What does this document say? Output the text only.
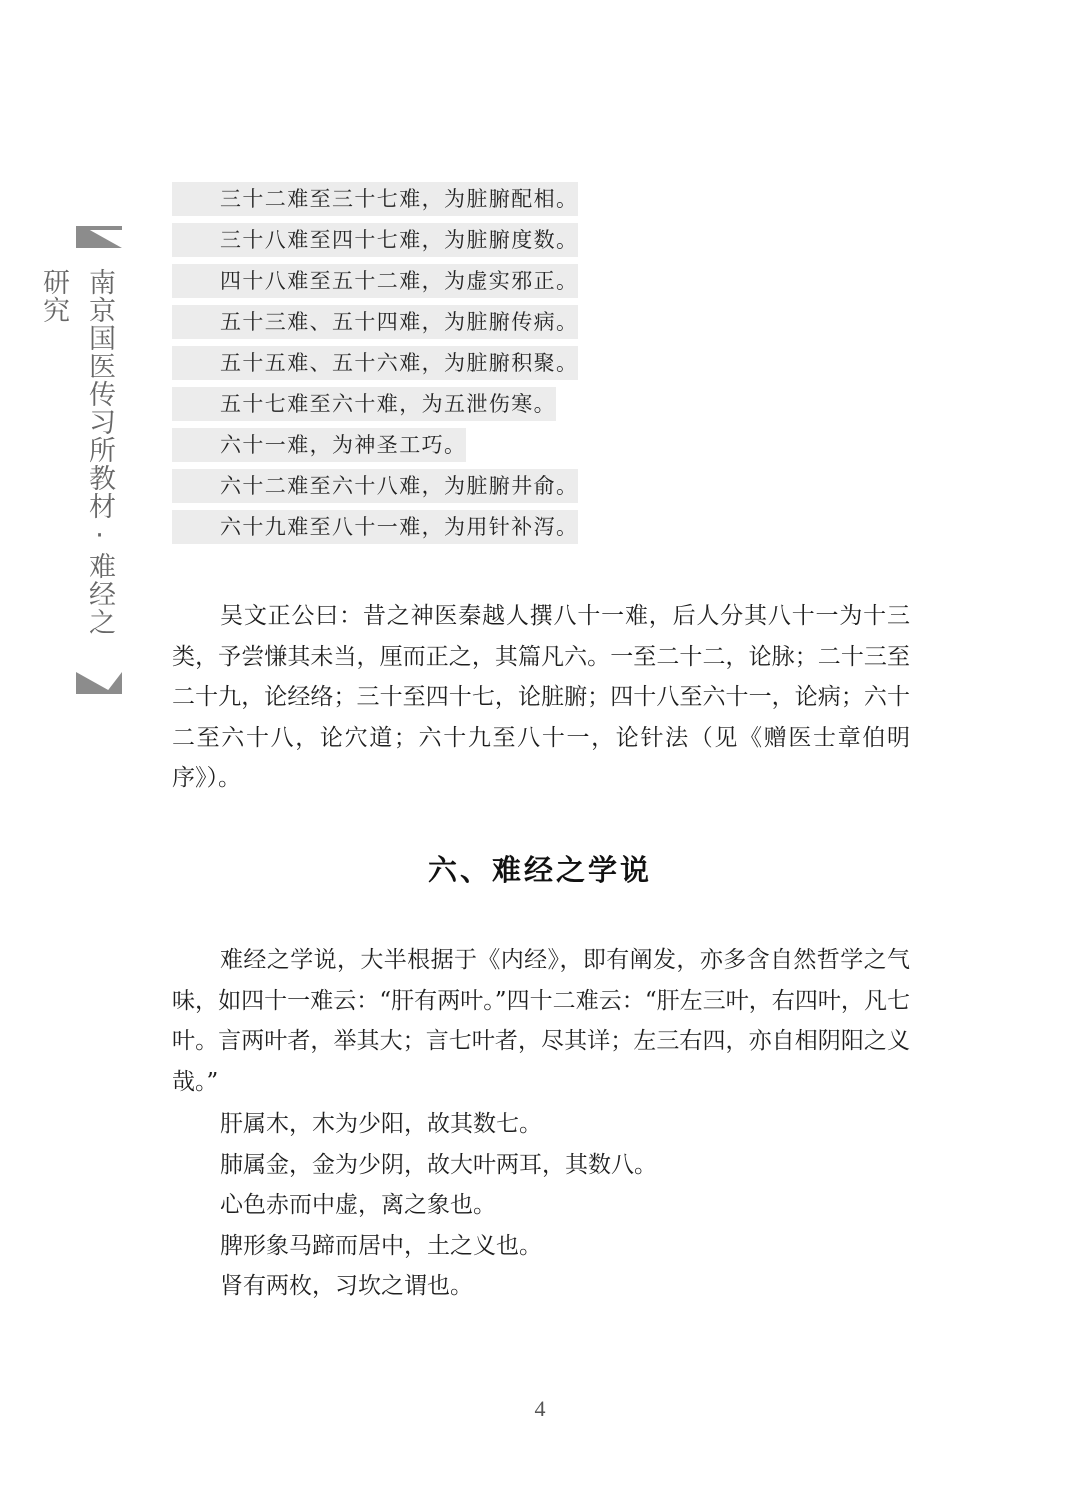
南京国医传习所教材·难经之研究
三十二难至三十七难，为脏腑配相。
三十八难至四十七难，为脏腑度数。
四十八难至五十二难，为虚实邪正。
五十三难、五十四难，为脏腑传病。
五十五难、五十六难，为脏腑积聚。
五十七难至六十难，为五泄伤寒。
六十一难，为神圣工巧。
六十二难至六十八难，为脏腑井俞。
六十九难至八十一难，为用针补泻。

吴文正公曰：昔之神医秦越人撰八十一难，后人分其八十一为十三类，予尝慊其未当，厘而正之，其篇凡六。一至二十二，论脉；二十三至二十九，论经络；三十至四十七，论脏腑；四十八至六十一，论病；六十二至六十八，论穴道；六十九至八十一，论针法（见《赠医士章伯明序》）。

六、难经之学说

难经之学说，大半根据于《内经》，即有阐发，亦多含自然哲学之气味，如四十一难云：“肝有两叶。”四十二难云：“肝左三叶，右四叶，凡七叶。言两叶者，举其大；言七叶者，尽其详；左三右四，亦自相阴阳之义哉。”

肝属木，木为少阳，故其数七。
肺属金，金为少阴，故大叶两耳，其数八。
心色赤而中虚，离之象也。
脾形象马蹄而居中，土之义也。
肾有两枚，习坎之谓也。
4
